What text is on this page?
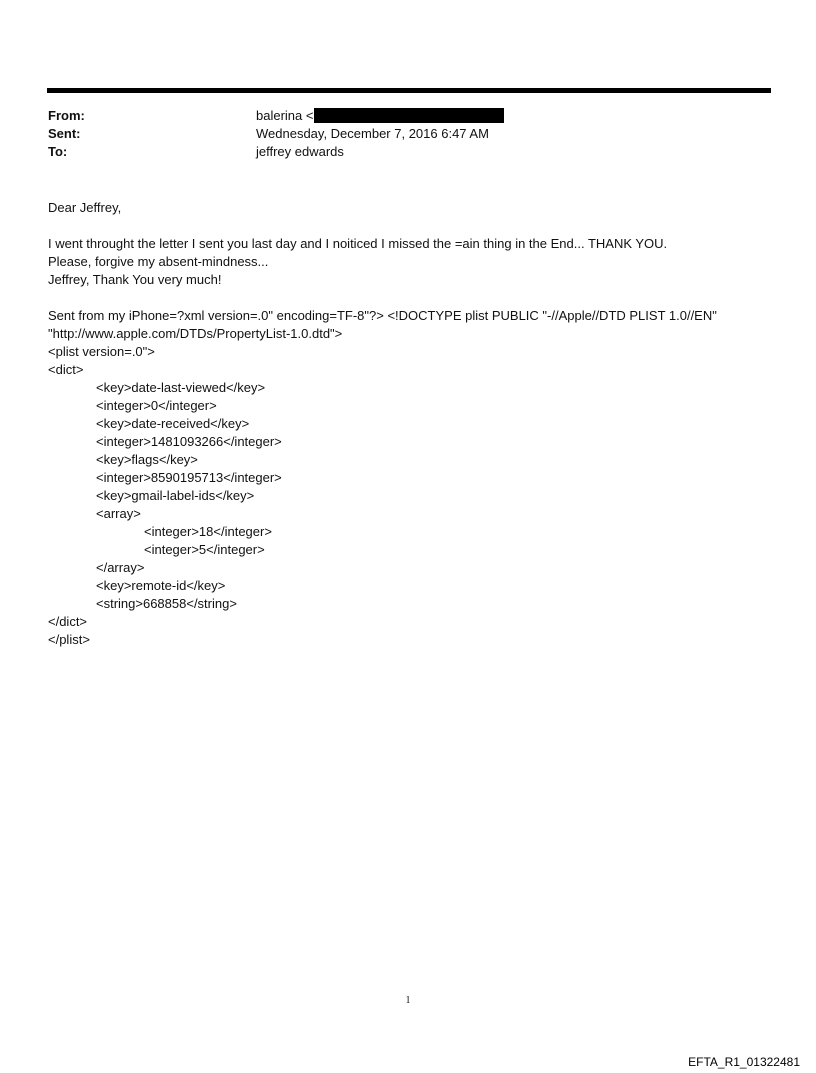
From:	balerina <
Sent:	Wednesday, December 7, 2016 6:47 AM
To:	jeffrey edwards

Dear Jeffrey,

I went throught the letter I sent you last day and I noiticed I missed the =ain thing in the End... THANK YOU.

Please, forgive my absent-mindness...

Jeffrey, Thank You very much!

Sent from my iPhone=?xml version=.0" encoding=TF-8"?> <!DOCTYPE plist PUBLIC "-//Apple//DTD PLIST 1.0//EN"

"http://www.apple.com/DTDs/PropertyList-1.0.dtd">

<plist version=.0">

<dict>

<key>date-last-viewed</key>

<integer>0</integer>

<key>date-received</key>

<integer>1481093266</integer>

<key>flags</key>

<integer>8590195713</integer>

<key>gmail-label-ids</key>

<array>

<integer>18</integer>

<integer>5</integer>

</array>

<key>remote-id</key>

<string>668858</string>

</dict>

</plist>

1
EFTA_R1_01322481
